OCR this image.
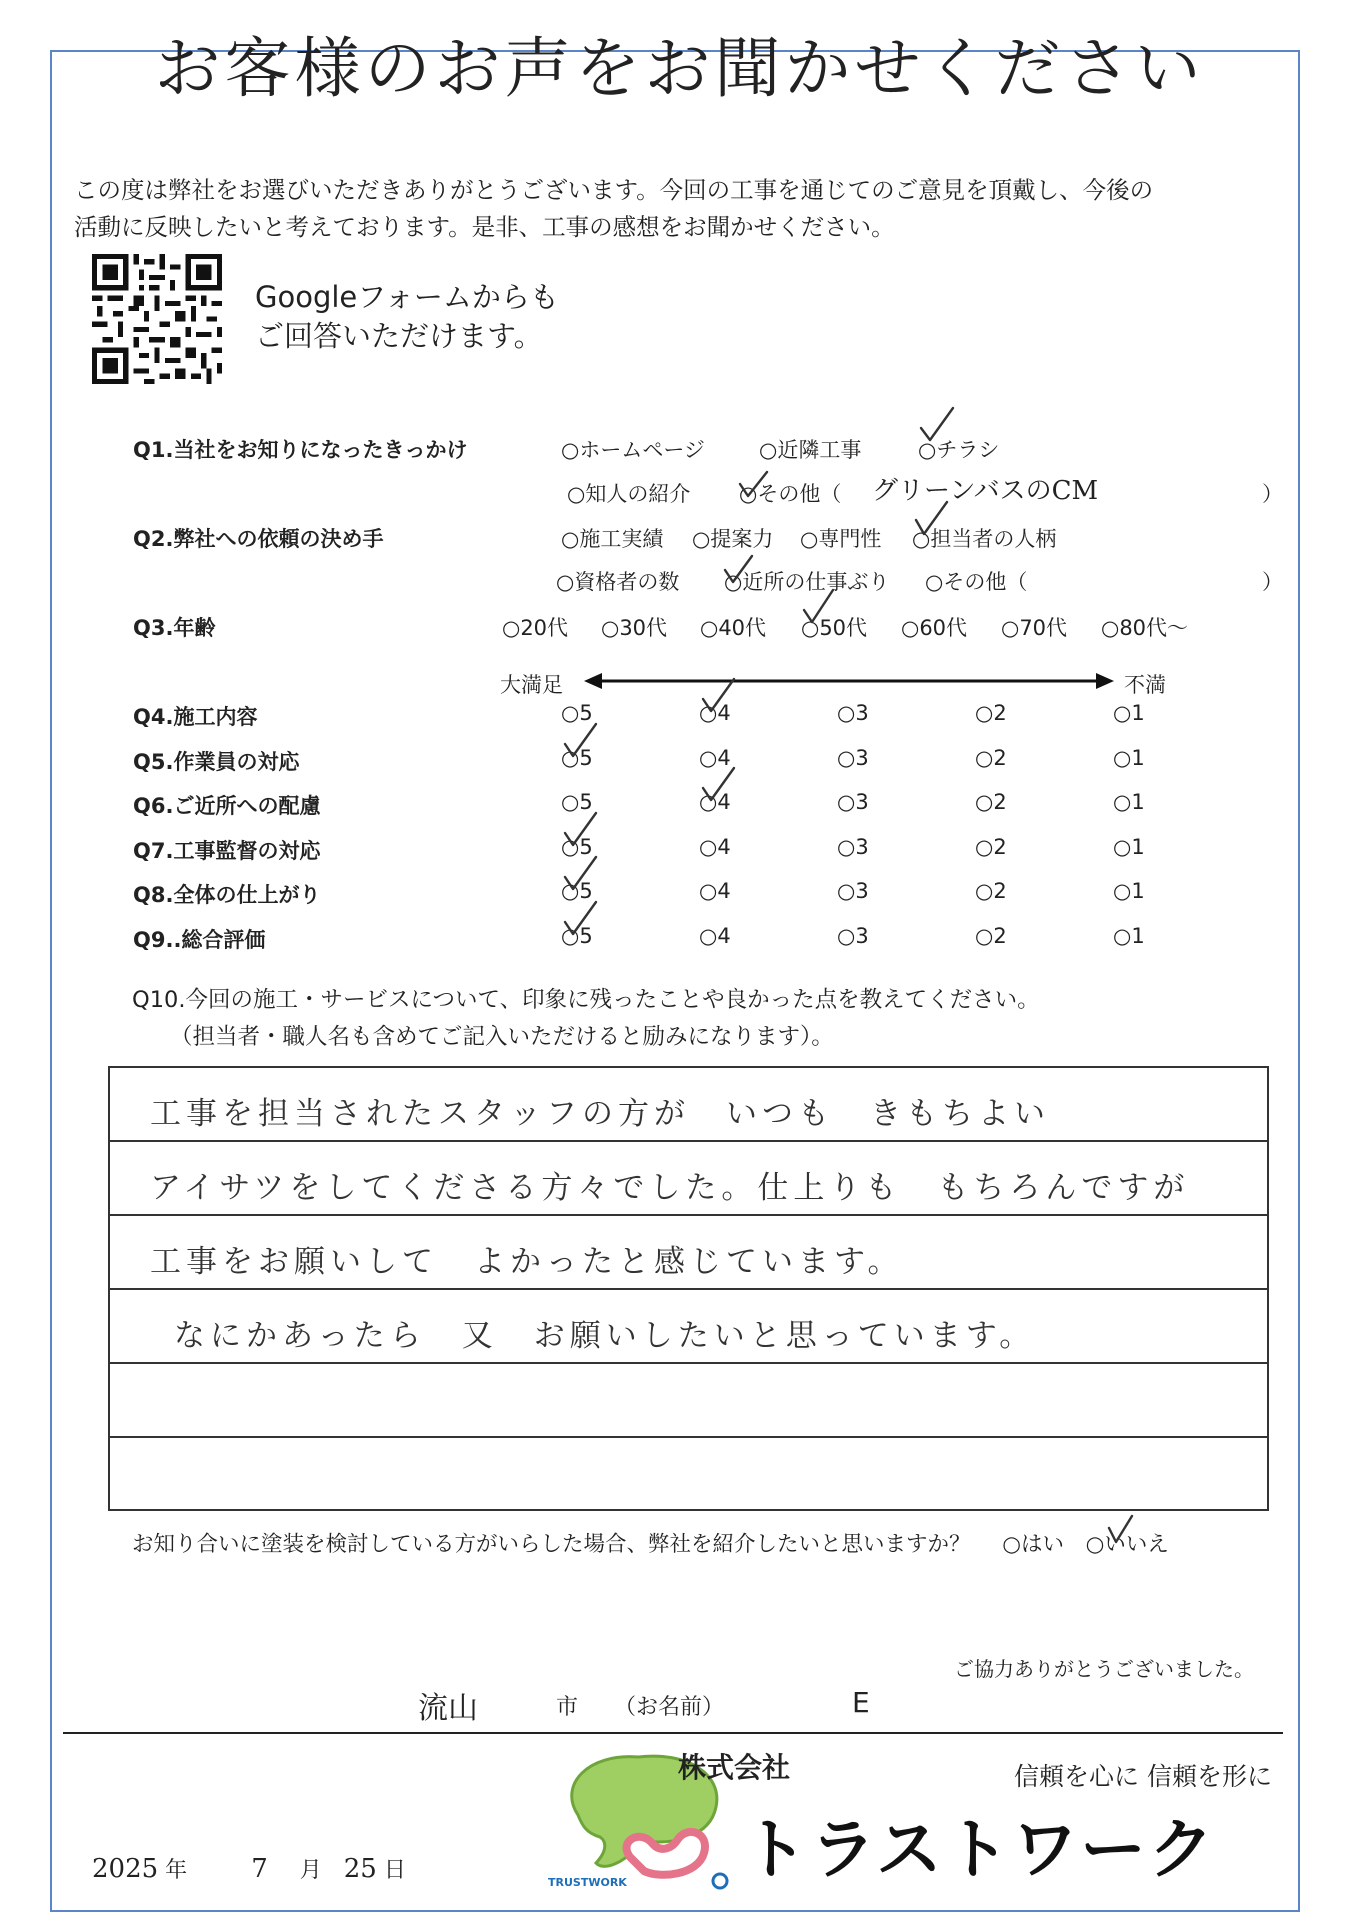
お客様のお声をお聞かせください
この度は弊社をお選びいただきありがとうございます。今回の工事を通じてのご意見を頂戴し、今後の
活動に反映したいと考えております。是非、工事の感想をお聞かせください。
Googleフォームからも
ご回答いただけます。
Q1.当社をお知りになったきっかけ	○ホームページ	○近隣工事	○チラシ
○知人の紹介 ○その他（ グリーンバスのCM	）
Q2.弊社への依頼の決め手	○施工実績 ○提案力 ○専門性 ○担当者の人柄
○資格者の数 ○近所の仕事ぶり ○その他（	）
Q3.年齢	○20代 ○30代 ○40代 ○50代 ○60代 ○70代 ○80代～
大満足	不満
Q4.施工内容	○5	○4	○3	○2	○1
Q5.作業員の対応	○5	○4	○3	○2	○1
Q6.ご近所への配慮	○5	○4	○3	○2	○1
Q7.工事監督の対応	○5	○4	○3	○2	○1
Q8.全体の仕上がり	○5	○4	○3	○2	○1
Q9..総合評価	○5	○4	○3	○2	○1
Q10.今回の施工・サービスについて、印象に残ったことや良かった点を教えてください。
（担当者・職人名も含めてご記入いただけると励みになります）。
工事を担当されたスタッフの方が　いつも　きもちよい
アイサツをしてくださる方々でした。仕上りも　もちろんですが
工事をお願いして　よかったと感じています。
なにかあったら　又　お願いしたいと思っています。
お知り合いに塗装を検討している方がいらした場合、弊社を紹介したいと思いますか？ ○はい ○いいえ
ご協力ありがとうございました。
流山	市 （お名前）	E
TRUSTWORK
株式会社	信頼を心に 信頼を形に
トラストワーク
2025 年 7 月 25 日
